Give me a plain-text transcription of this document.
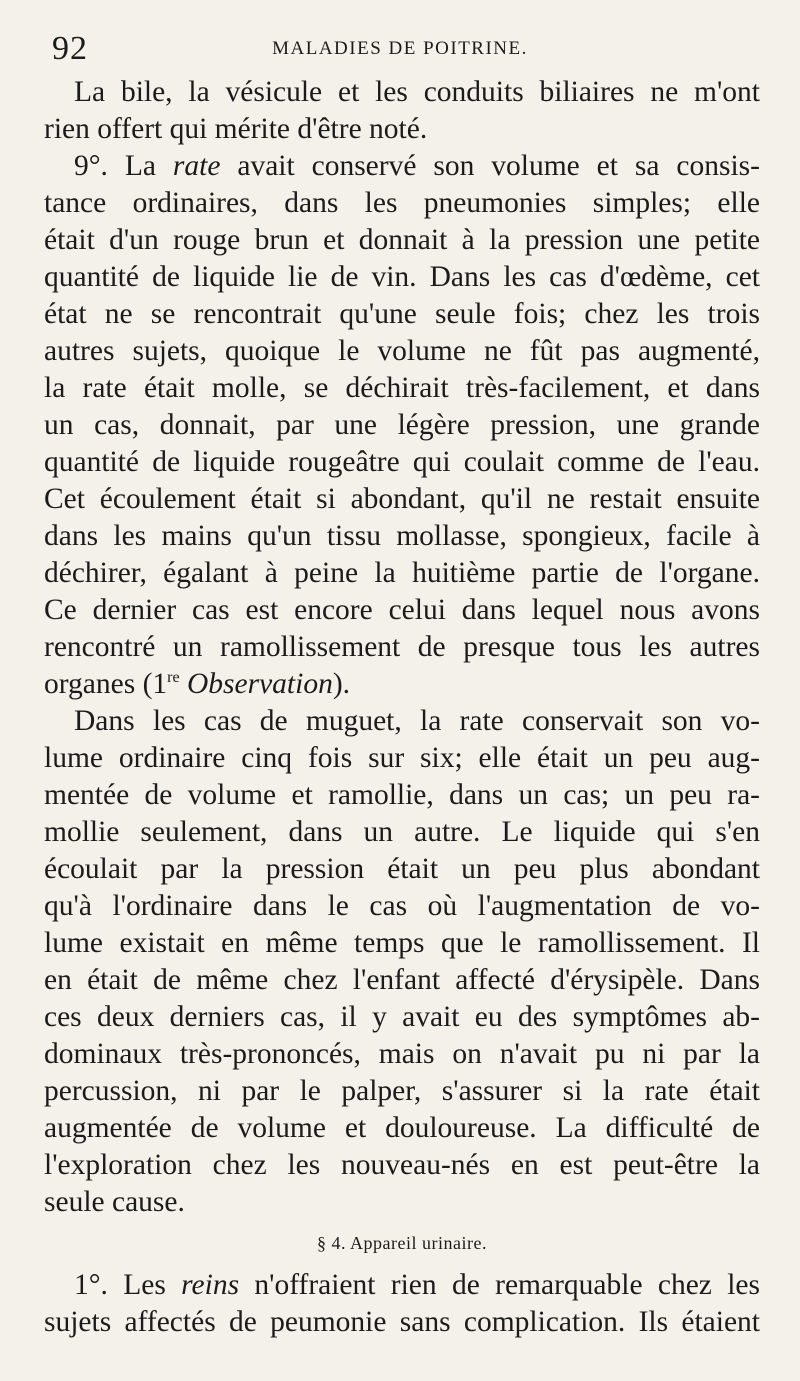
92	MALADIES DE POITRINE.
La bile, la vésicule et les conduits biliaires ne m'ont
rien offert qui mérite d'être noté.
9°. La rate avait conservé son volume et sa consis-
tance ordinaires, dans les pneumonies simples; elle
était d'un rouge brun et donnait à la pression une petite
quantité de liquide lie de vin. Dans les cas d'œdème, cet
état ne se rencontrait qu'une seule fois; chez les trois
autres sujets, quoique le volume ne fût pas augmenté,
la rate était molle, se déchirait très-facilement, et dans
un cas, donnait, par une légère pression, une grande
quantité de liquide rougeâtre qui coulait comme de l'eau.
Cet écoulement était si abondant, qu'il ne restait ensuite
dans les mains qu'un tissu mollasse, spongieux, facile à
déchirer, égalant à peine la huitième partie de l'organe.
Ce dernier cas est encore celui dans lequel nous avons
rencontré un ramollissement de presque tous les autres
organes (1re Observation).
Dans les cas de muguet, la rate conservait son vo-
lume ordinaire cinq fois sur six; elle était un peu aug-
mentée de volume et ramollie, dans un cas; un peu ra-
mollie seulement, dans un autre. Le liquide qui s'en
écoulait par la pression était un peu plus abondant
qu'à l'ordinaire dans le cas où l'augmentation de vo-
lume existait en même temps que le ramollissement. Il
en était de même chez l'enfant affecté d'érysipèle. Dans
ces deux derniers cas, il y avait eu des symptômes ab-
dominaux très-prononcés, mais on n'avait pu ni par la
percussion, ni par le palper, s'assurer si la rate était
augmentée de volume et douloureuse. La difficulté de
l'exploration chez les nouveau-nés en est peut-être la
seule cause.
§ 4. Appareil urinaire.
1°. Les reins n'offraient rien de remarquable chez les
sujets affectés de peumonie sans complication. Ils étaient
